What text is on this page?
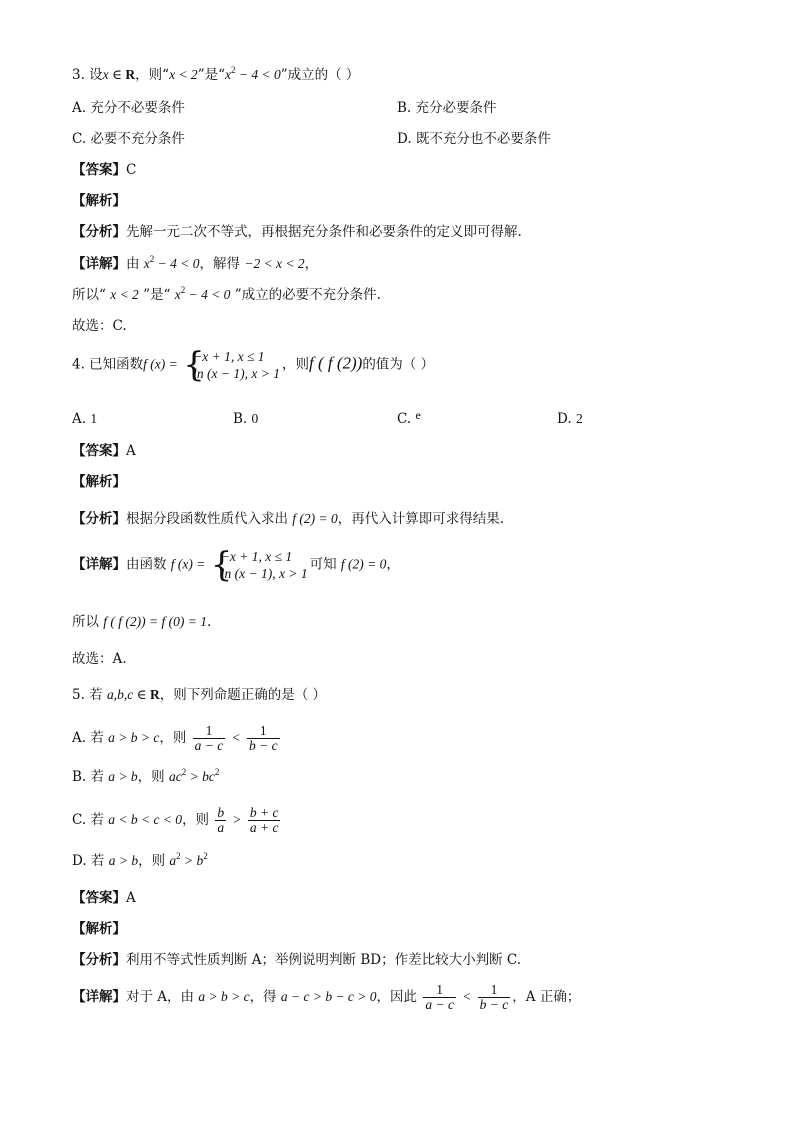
3. 设x ∈ R，则“x < 2”是“$x^2 - 4 < 0$”成立的（ ）
A. 充分不必要条件	B. 充分必要条件
C. 必要不充分条件	D. 既不充分也不必要条件
【答案】C
【解析】
【分析】先解一元二次不等式，再根据充分条件和必要条件的定义即可得解.
【详解】由 $x^2 - 4 < 0$，解得 −2 < x < 2，
所以“ x < 2 ”是“ $x^2 - 4 < 0$ ”成立的必要不充分条件.
故选：C.
4. 已知函数f (x) = {
−x + 1, x ≤ 1
ln (x − 1), x > 1
，则f ( f (2))的值为（ ）
A. 1	B. 0	C. e	D. 2
【答案】A
【解析】
【分析】根据分段函数性质代入求出 f (2) = 0，再代入计算即可求得结果.
【详解】由函数 f (x) = {
−x + 1, x ≤ 1
ln (x − 1), x > 1
可知 f (2) = 0，
所以 f ( f (2)) = f (0) = 1.
故选：A.
5. 若 a,b,c ∈ R，则下列命题正确的是（ ）
A. 若 a > b > c，则 $\frac{1}{a - c} < \frac{1}{b - c}$
B. 若 a > b，则 $ac^2 > bc^2$
C. 若 a < b < c < 0，则 $\frac{b}{a} > \frac{b + c}{a + c}$
D. 若 a > b，则 $a^2 > b^2$
【答案】A
【解析】
【分析】利用不等式性质判断 A；举例说明判断 BD；作差比较大小判断 C.
【详解】对于 A，由 a > b > c，得 a − c > b − c > 0，因此 $\frac{1}{a - c} < \frac{1}{b - c}$ ，A 正确；
